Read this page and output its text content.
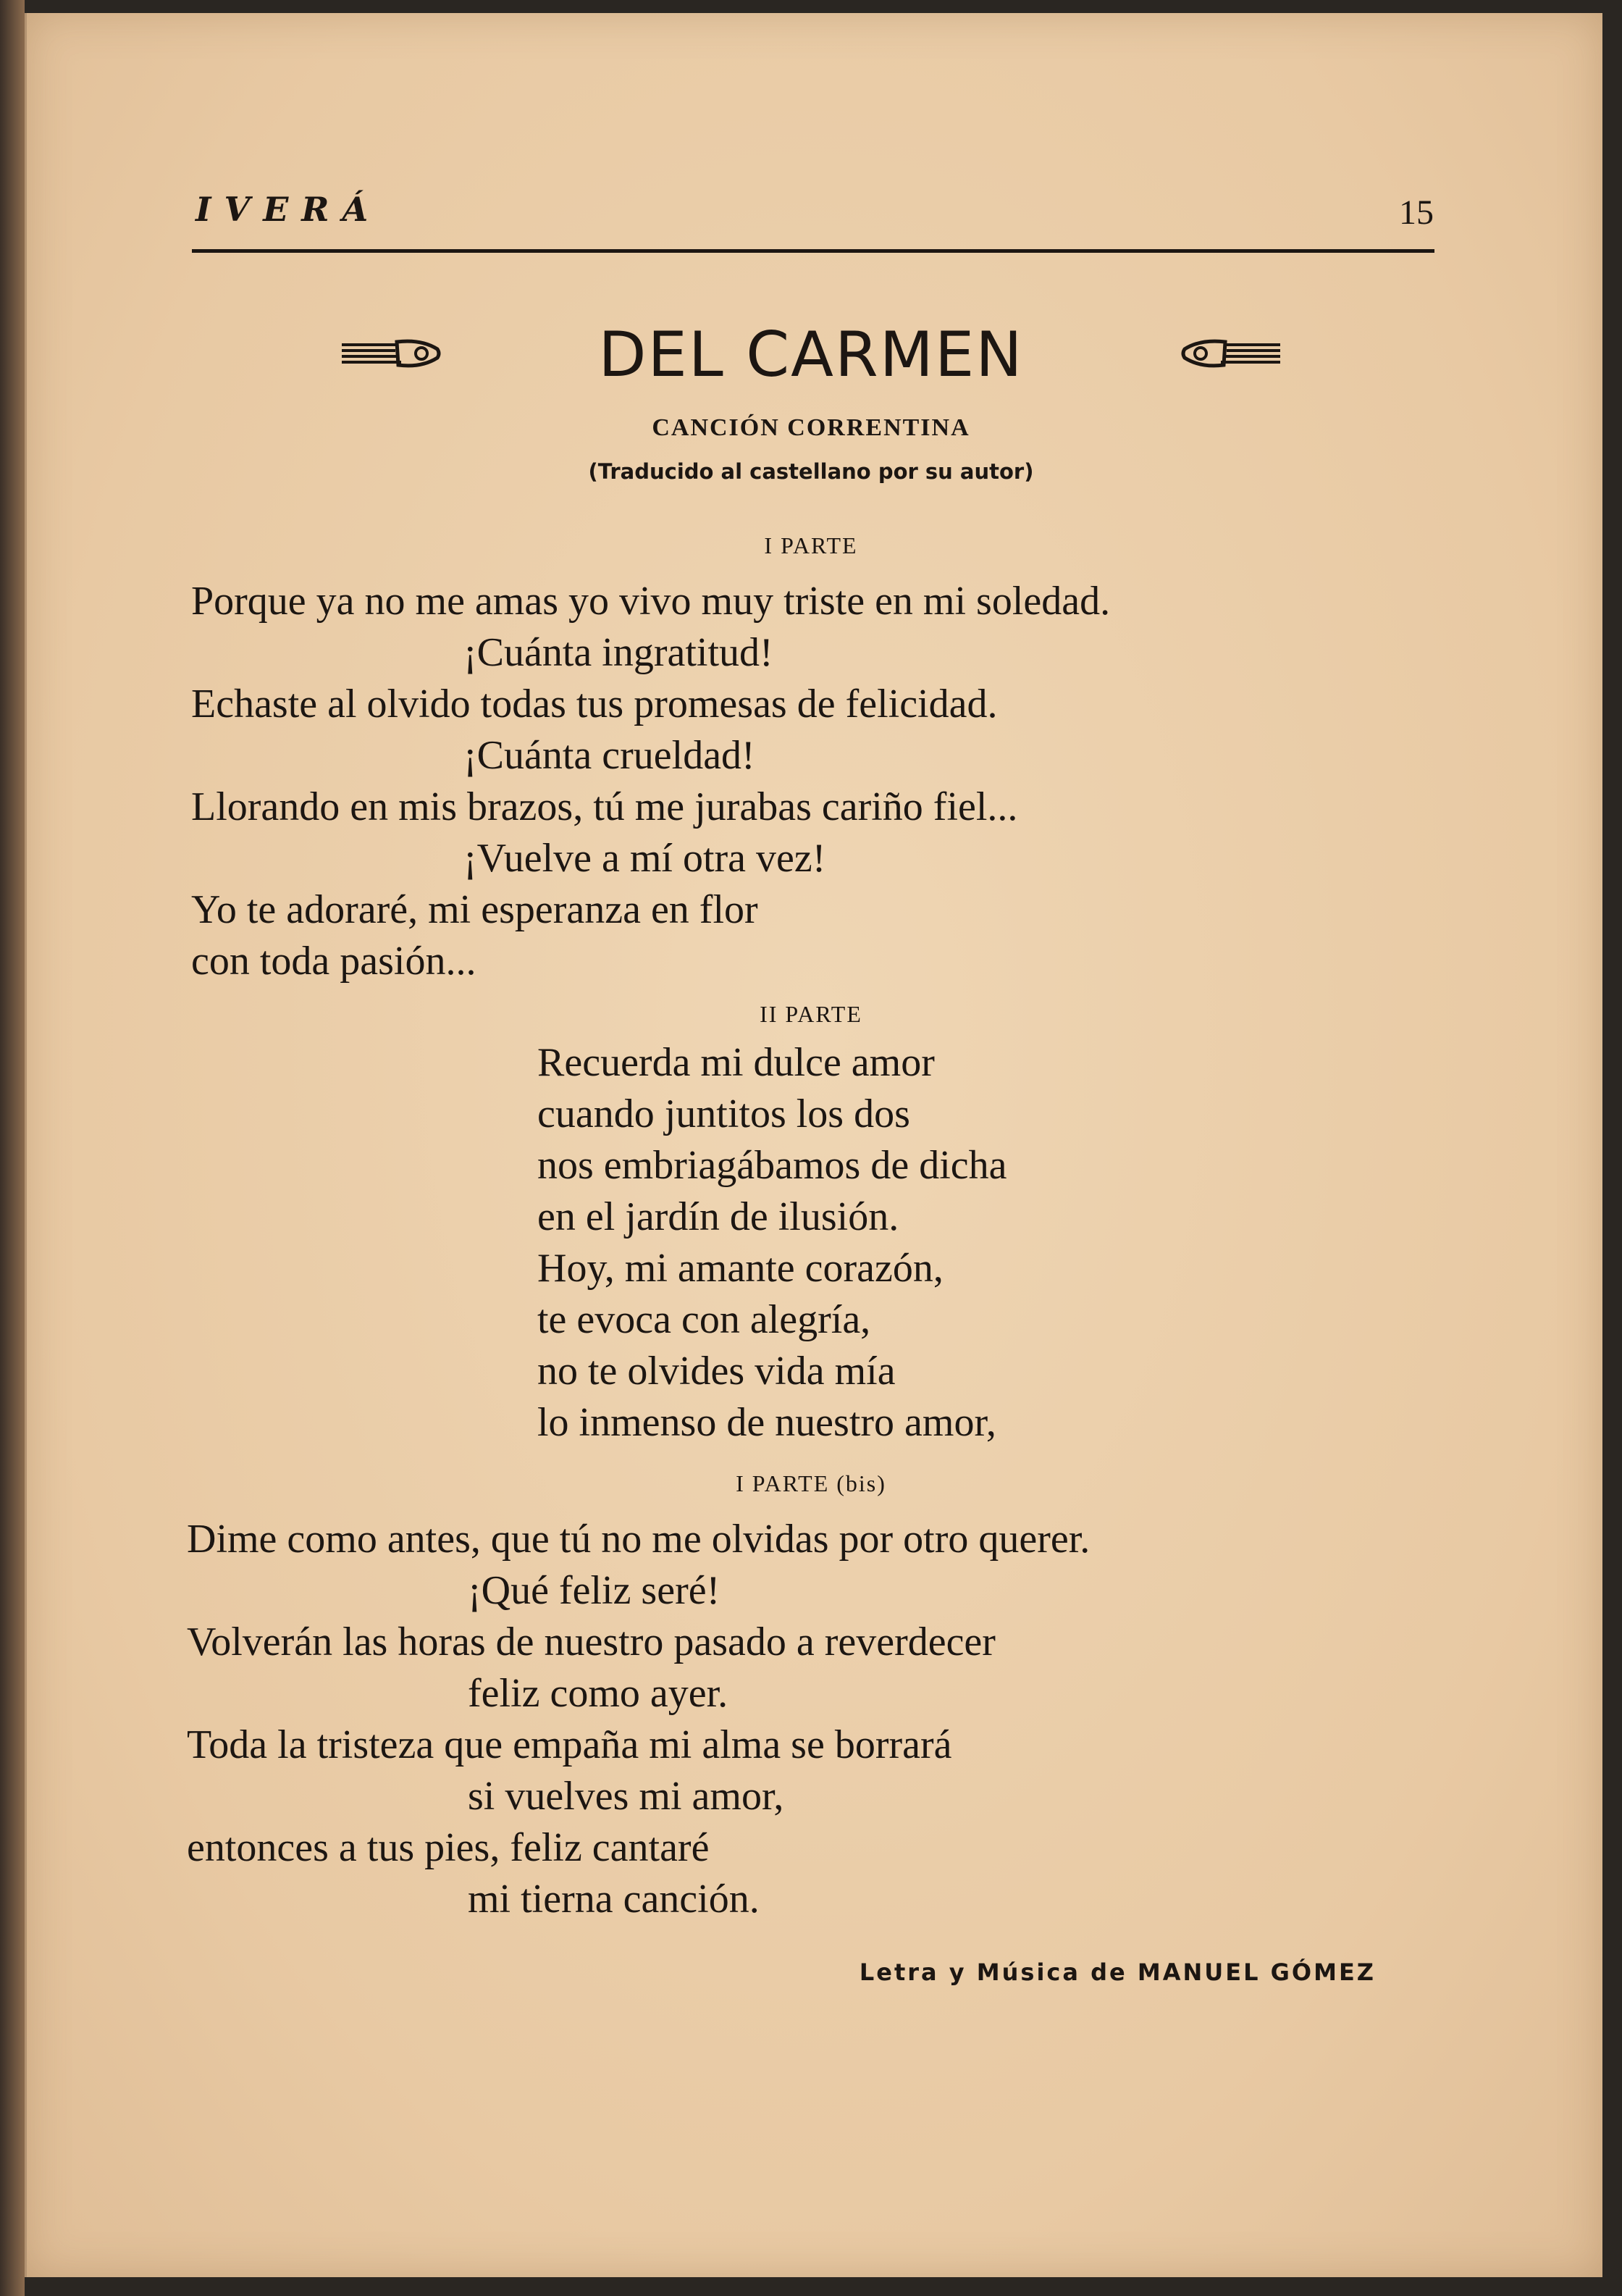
IVERÁ	15
DEL CARMEN
CANCIÓN CORRENTINA
(Traducido al castellano por su autor)
I PARTE
Porque ya no me amas yo vivo muy triste en mi soledad.
¡Cuánta ingratitud!
Echaste al olvido todas tus promesas de felicidad.
¡Cuánta crueldad!
Llorando en mis brazos, tú me jurabas cariño fiel...
¡Vuelve a mí otra vez!
Yo te adoraré, mi esperanza en flor
con toda pasión...
II PARTE
Recuerda mi dulce amor
cuando juntitos los dos
nos embriagábamos de dicha
en el jardín de ilusión.
Hoy, mi amante corazón,
te evoca con alegría,
no te olvides vida mía
lo inmenso de nuestro amor,
I PARTE (bis)
Dime como antes, que tú no me olvidas por otro querer.
¡Qué feliz seré!
Volverán las horas de nuestro pasado a reverdecer
feliz como ayer.
Toda la tristeza que empaña mi alma se borrará
si vuelves mi amor,
entonces a tus pies, feliz cantaré
mi tierna canción.
Letra y Música de MANUEL GÓMEZ
